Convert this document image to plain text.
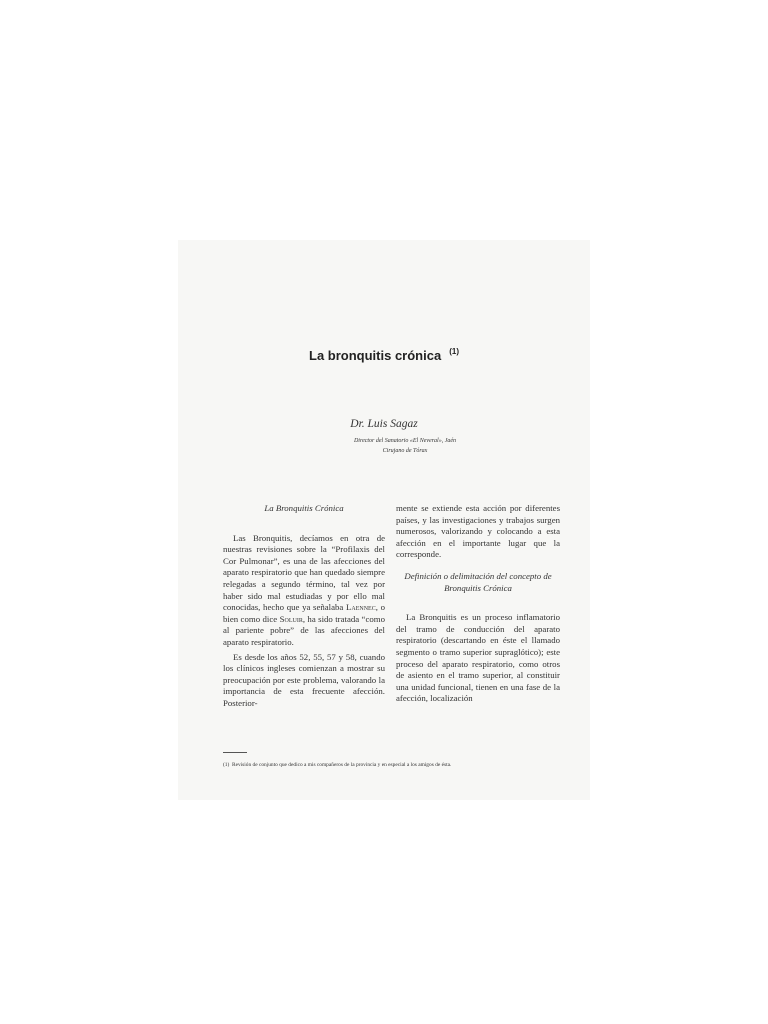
La bronquitis crónica $^{(1)}$
Dr. Luis Sagaz
Director del Sanatorio «El Neveral», Jaén
Cirujano de Tórax

La Bronquitis Crónica

Las Bronquitis, decíamos en otra de nuestras revisiones sobre la “Profilaxis del Cor Pulmonar”, es una de las afecciones del aparato respiratorio que han quedado siempre relegadas a segundo término, tal vez por haber sido mal estudiadas y por ello mal conocidas, hecho que ya señalaba Laennec, o bien como dice Soluir, ha sido tratada “como al pariente pobre” de las afecciones del aparato respiratorio.

Es desde los años 52, 55, 57 y 58, cuando los clínicos ingleses comienzan a mostrar su preocupación por este problema, valorando la importancia de esta frecuente afección. Posterior-

mente se extiende esta acción por diferentes países, y las investigaciones y trabajos surgen numerosos, valorizando y colocando a esta afección en el importante lugar que la corresponde.

Definición o delimitación del concepto de Bronquitis Crónica

La Bronquitis es un proceso inflamatorio del tramo de conducción del aparato respiratorio (descartando en éste el llamado segmento o tramo superior supraglótico); este proceso del aparato respiratorio, como otros de asiento en el tramo superior, al constituir una unidad funcional, tienen en una fase de la afección, localización

(1) Revisión de conjunto que dedico a mis compañeros de la provincia y en especial a los amigos de ésta.
